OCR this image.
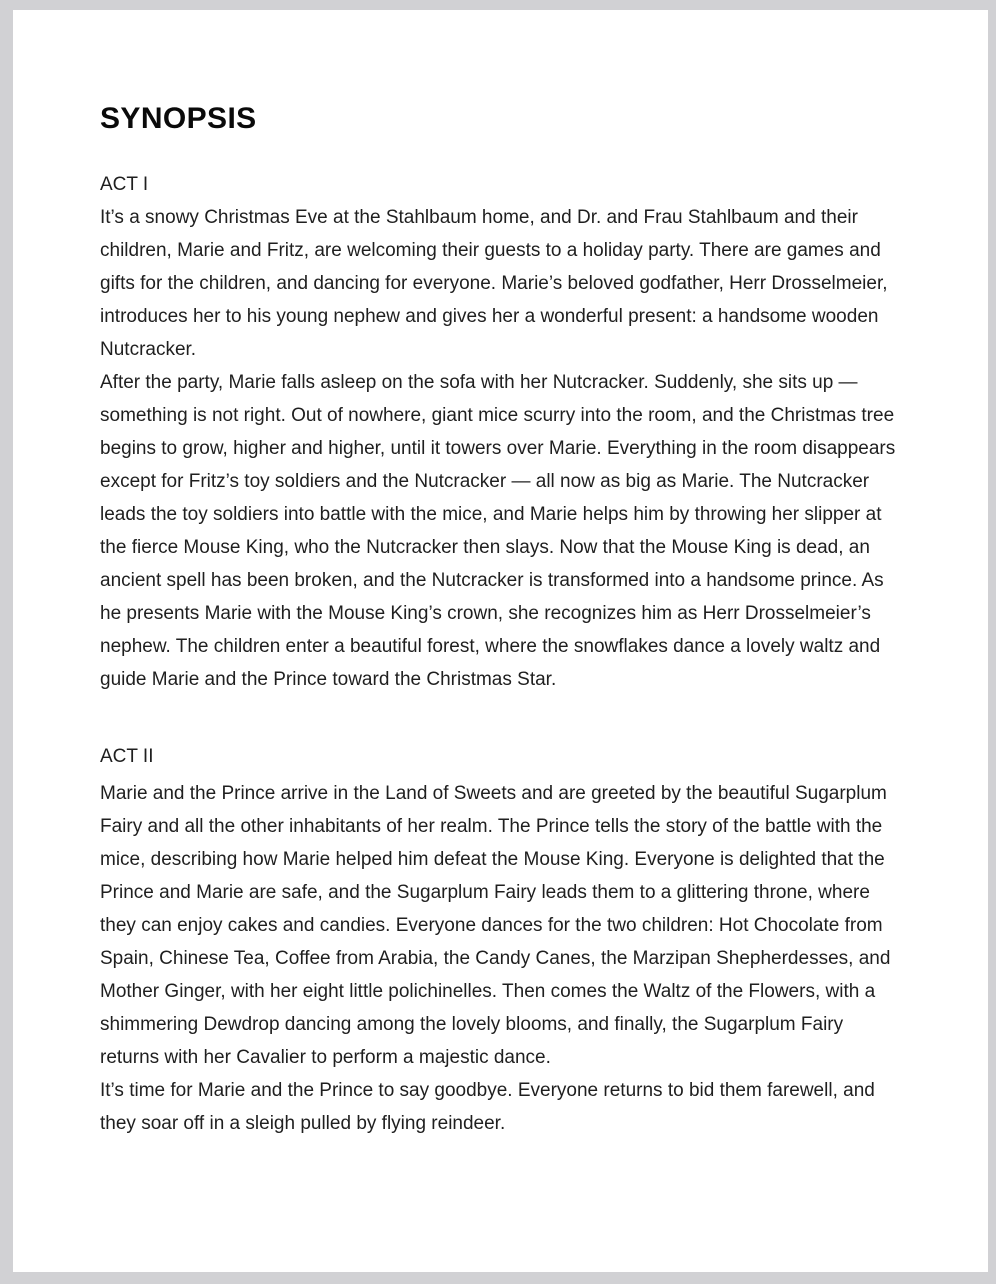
SYNOPSIS
ACT I

It’s a snowy Christmas Eve at the Stahlbaum home, and Dr. and Frau Stahlbaum and their children, Marie and Fritz, are welcoming their guests to a holiday party. There are games and gifts for the children, and dancing for everyone. Marie’s beloved godfather, Herr Drosselmeier, introduces her to his young nephew and gives her a wonderful present: a handsome wooden Nutcracker.

After the party, Marie falls asleep on the sofa with her Nutcracker. Suddenly, she sits up — something is not right. Out of nowhere, giant mice scurry into the room, and the Christmas tree begins to grow, higher and higher, until it towers over Marie. Everything in the room disappears except for Fritz’s toy soldiers and the Nutcracker — all now as big as Marie. The Nutcracker leads the toy soldiers into battle with the mice, and Marie helps him by throwing her slipper at the fierce Mouse King, who the Nutcracker then slays. Now that the Mouse King is dead, an ancient spell has been broken, and the Nutcracker is transformed into a handsome prince. As he presents Marie with the Mouse King’s crown, she recognizes him as Herr Drosselmeier’s nephew. The children enter a beautiful forest, where the snowflakes dance a lovely waltz and guide Marie and the Prince toward the Christmas Star.

ACT II

Marie and the Prince arrive in the Land of Sweets and are greeted by the beautiful Sugarplum Fairy and all the other inhabitants of her realm. The Prince tells the story of the battle with the mice, describing how Marie helped him defeat the Mouse King. Everyone is delighted that the Prince and Marie are safe, and the Sugarplum Fairy leads them to a glittering throne, where they can enjoy cakes and candies. Everyone dances for the two children: Hot Chocolate from Spain, Chinese Tea, Coffee from Arabia, the Candy Canes, the Marzipan Shepherdesses, and Mother Ginger, with her eight little polichinelles. Then comes the Waltz of the Flowers, with a shimmering Dewdrop dancing among the lovely blooms, and finally, the Sugarplum Fairy returns with her Cavalier to perform a majestic dance.

It’s time for Marie and the Prince to say goodbye. Everyone returns to bid them farewell, and they soar off in a sleigh pulled by flying reindeer.
